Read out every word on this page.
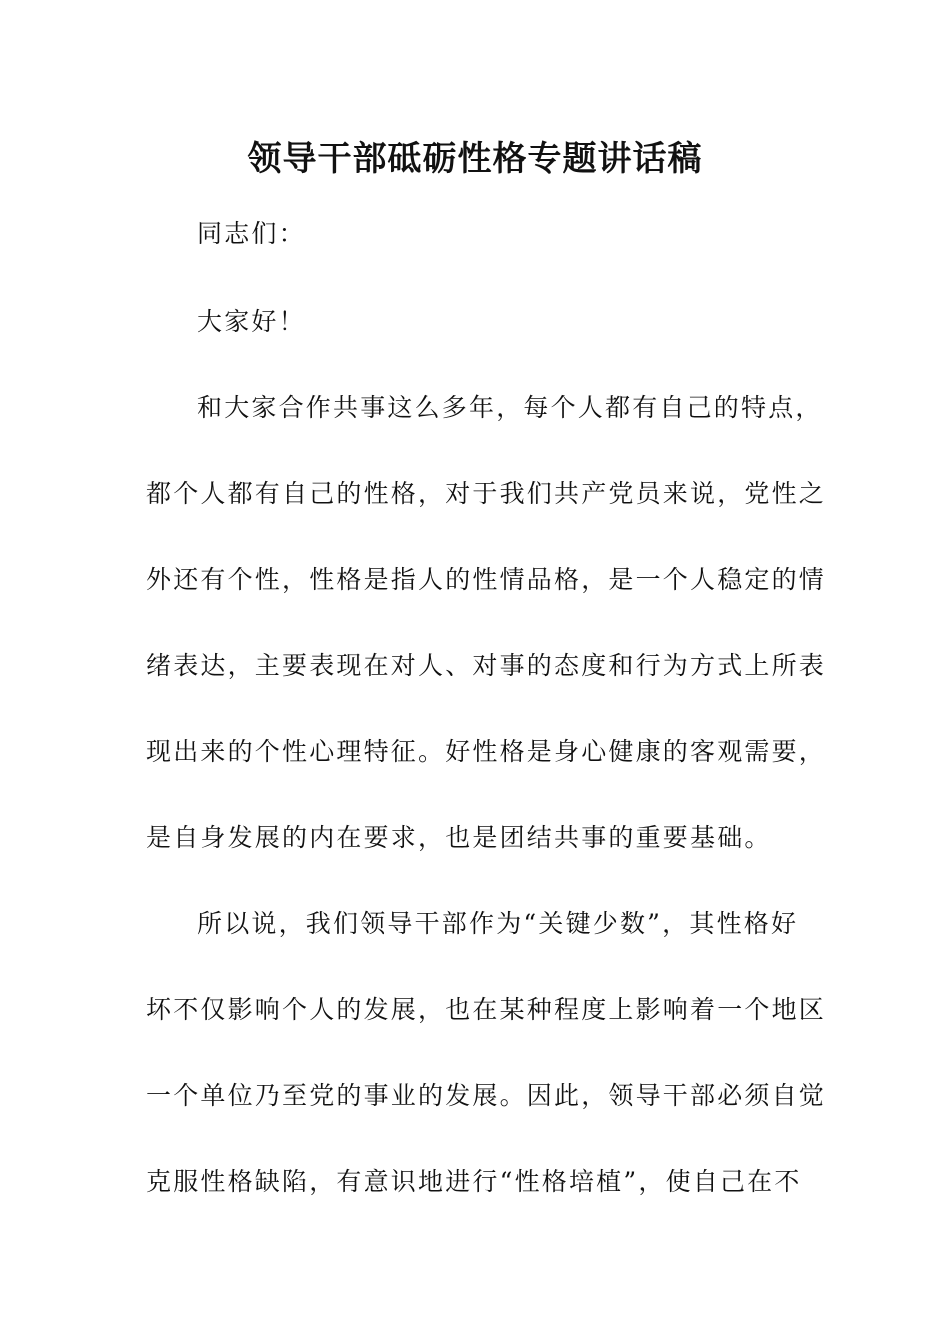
领导干部砥砺性格专题讲话稿
同志们：
大家好！
和大家合作共事这么多年，每个人都有自己的特点，
都个人都有自己的性格，对于我们共产党员来说，党性之
外还有个性，性格是指人的性情品格，是一个人稳定的情
绪表达，主要表现在对人、对事的态度和行为方式上所表
现出来的个性心理特征。好性格是身心健康的客观需要，
是自身发展的内在要求，也是团结共事的重要基础。
所以说，我们领导干部作为“关键少数”，其性格好
坏不仅影响个人的发展，也在某种程度上影响着一个地区
一个单位乃至党的事业的发展。因此，领导干部必须自觉
克服性格缺陷，有意识地进行“性格培植”，使自己在不
